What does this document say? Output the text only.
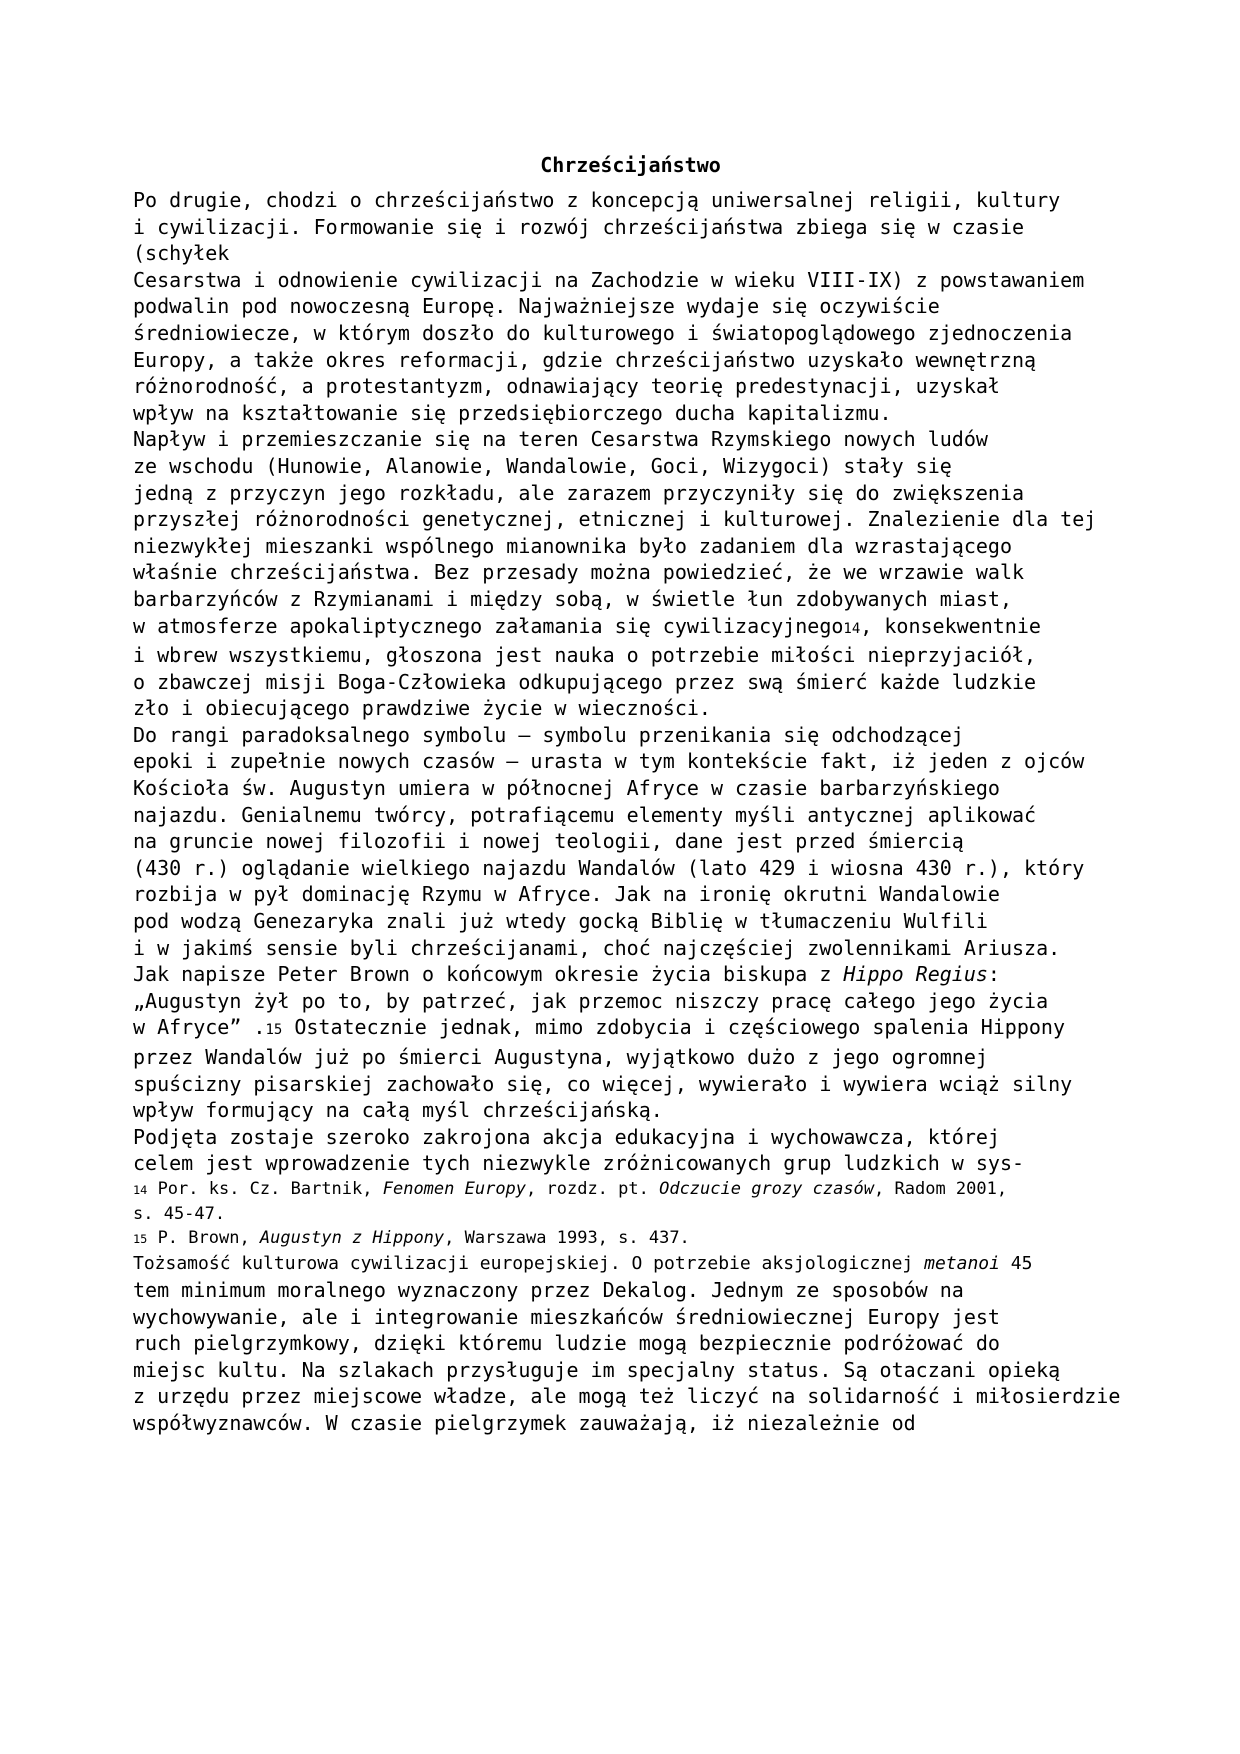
Chrześcijaństwo
Po drugie, chodzi o chrześcijaństwo z koncepcją uniwersalnej religii, kultury
i cywilizacji. Formowanie się i rozwój chrześcijaństwa zbiega się w czasie
(schyłek
Cesarstwa i odnowienie cywilizacji na Zachodzie w wieku VIII-IX) z powstawaniem
podwalin pod nowoczesną Europę. Najważniejsze wydaje się oczywiście
średniowiecze, w którym doszło do kulturowego i światopoglądowego zjednoczenia
Europy, a także okres reformacji, gdzie chrześcijaństwo uzyskało wewnętrzną
różnorodność, a protestantyzm, odnawiający teorię predestynacji, uzyskał
wpływ na kształtowanie się przedsiębiorczego ducha kapitalizmu.
Napływ i przemieszczanie się na teren Cesarstwa Rzymskiego nowych ludów
ze wschodu (Hunowie, Alanowie, Wandalowie, Goci, Wizygoci) stały się
jedną z przyczyn jego rozkładu, ale zarazem przyczyniły się do zwiększenia
przyszłej różnorodności genetycznej, etnicznej i kulturowej. Znalezienie dla tej
niezwykłej mieszanki wspólnego mianownika było zadaniem dla wzrastającego
właśnie chrześcijaństwa. Bez przesady można powiedzieć, że we wrzawie walk
barbarzyńców z Rzymianami i między sobą, w świetle łun zdobywanych miast,
w atmosferze apokaliptycznego załamania się cywilizacyjnego14, konsekwentnie
i wbrew wszystkiemu, głoszona jest nauka o potrzebie miłości nieprzyjaciół,
o zbawczej misji Boga-Człowieka odkupującego przez swą śmierć każde ludzkie
zło i obiecującego prawdziwe życie w wieczności.
Do rangi paradoksalnego symbolu – symbolu przenikania się odchodzącej
epoki i zupełnie nowych czasów – urasta w tym kontekście fakt, iż jeden z ojców
Kościoła św. Augustyn umiera w północnej Afryce w czasie barbarzyńskiego
najazdu. Genialnemu twórcy, potrafiącemu elementy myśli antycznej aplikować
na gruncie nowej filozofii i nowej teologii, dane jest przed śmiercią
(430 r.) oglądanie wielkiego najazdu Wandalów (lato 429 i wiosna 430 r.), który
rozbija w pył dominację Rzymu w Afryce. Jak na ironię okrutni Wandalowie
pod wodzą Genezaryka znali już wtedy gocką Biblię w tłumaczeniu Wulfili
i w jakimś sensie byli chrześcijanami, choć najczęściej zwolennikami Ariusza.
Jak napisze Peter Brown o końcowym okresie życia biskupa z Hippo Regius:
„Augustyn żył po to, by patrzeć, jak przemoc niszczy pracę całego jego życia
w Afryce” .15 Ostatecznie jednak, mimo zdobycia i częściowego spalenia Hippony
przez Wandalów już po śmierci Augustyna, wyjątkowo dużo z jego ogromnej
spuścizny pisarskiej zachowało się, co więcej, wywierało i wywiera wciąż silny
wpływ formujący na całą myśl chrześcijańską.
Podjęta zostaje szeroko zakrojona akcja edukacyjna i wychowawcza, której
celem jest wprowadzenie tych niezwykle zróżnicowanych grup ludzkich w sys-
14 Por. ks. Cz. Bartnik, Fenomen Europy, rozdz. pt. Odczucie grozy czasów, Radom 2001,
s. 45-47.
15 P. Brown, Augustyn z Hippony, Warszawa 1993, s. 437.
Tożsamość kulturowa cywilizacji europejskiej. O potrzebie aksjologicznej metanoi 45
tem minimum moralnego wyznaczony przez Dekalog. Jednym ze sposobów na
wychowywanie, ale i integrowanie mieszkańców średniowiecznej Europy jest
ruch pielgrzymkowy, dzięki któremu ludzie mogą bezpiecznie podróżować do
miejsc kultu. Na szlakach przysługuje im specjalny status. Są otaczani opieką
z urzędu przez miejscowe władze, ale mogą też liczyć na solidarność i miłosierdzie
współwyznawców. W czasie pielgrzymek zauważają, iż niezależnie od
